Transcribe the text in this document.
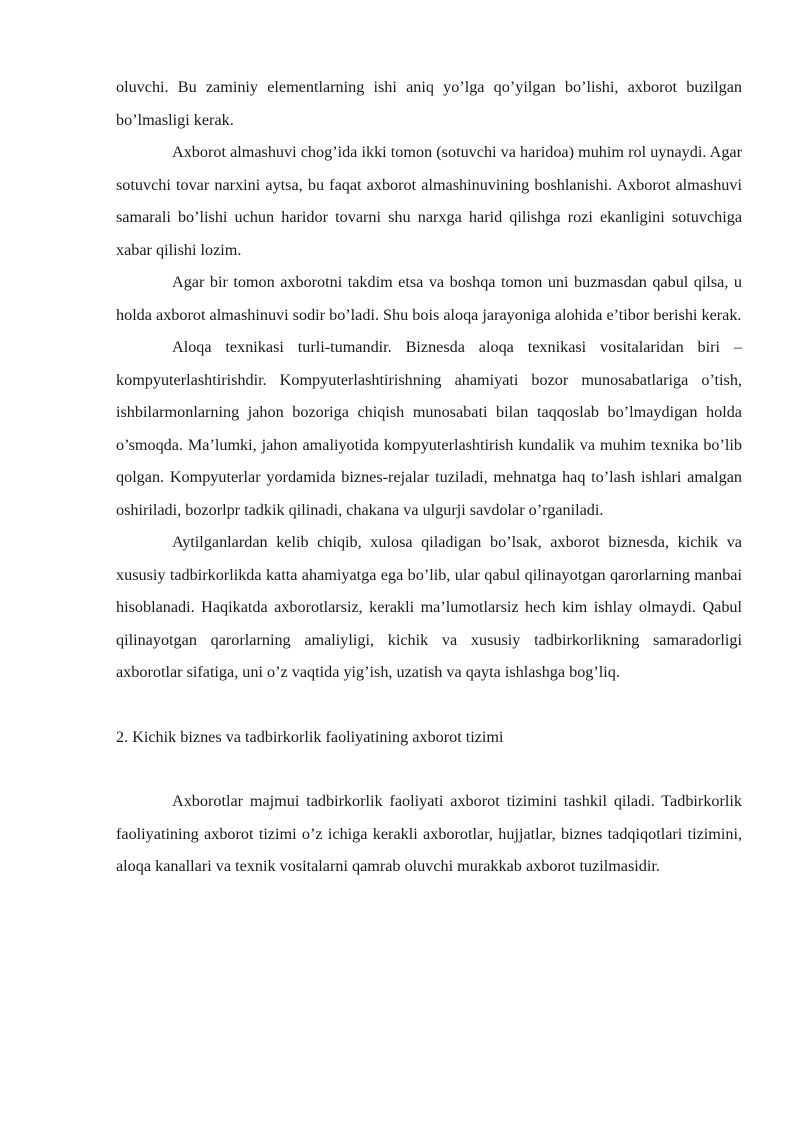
oluvchi. Bu zaminiy elementlarning ishi aniq yo’lga qo’yilgan bo’lishi, axborot buzilgan bo’lmasligi kerak.

Axborot almashuvi chog’ida ikki tomon (sotuvchi va haridoa) muhim rol uynaydi. Agar sotuvchi tovar narxini aytsa, bu faqat axborot almashinuvining boshlanishi. Axborot almashuvi samarali bo’lishi uchun haridor tovarni shu narxga harid qilishga rozi ekanligini sotuvchiga xabar qilishi lozim.

Agar bir tomon axborotni takdim etsa va boshqa tomon uni buzmasdan qabul qilsa, u holda axborot almashinuvi sodir bo’ladi. Shu bois aloqa jarayoniga alohida e’tibor berishi kerak.

Aloqa texnikasi turli-tumandir. Biznesda aloqa texnikasi vositalaridan biri – kompyuterlashtirishdir. Kompyuterlashtirishning ahamiyati bozor munosabatlariga o’tish, ishbilarmonlarning jahon bozoriga chiqish munosabati bilan taqqoslab bo’lmaydigan holda o’smoqda. Ma’lumki, jahon amaliyotida kompyuterlashtirish kundalik va muhim texnika bo’lib qolgan. Kompyuterlar yordamida biznes-rejalar tuziladi, mehnatga haq to’lash ishlari amalgan oshiriladi, bozorlpr tadkik qilinadi, chakana va ulgurji savdolar o’rganiladi.

Aytilganlardan kelib chiqib, xulosa qiladigan bo’lsak, axborot biznesda, kichik va xususiy tadbirkorlikda katta ahamiyatga ega bo’lib, ular qabul qilinayotgan qarorlarning manbai hisoblanadi. Haqikatda axborotlarsiz, kerakli ma’lumotlarsiz hech kim ishlay olmaydi. Qabul qilinayotgan qarorlarning amaliyligi, kichik va xususiy tadbirkorlikning samaradorligi axborotlar sifatiga, uni o’z vaqtida yig’ish, uzatish va qayta ishlashga bog’liq.

2. Kichik biznes va tadbirkorlik faoliyatining axborot tizimi

Axborotlar majmui tadbirkorlik faoliyati axborot tizimini tashkil qiladi. Tadbirkorlik faoliyatining axborot tizimi o’z ichiga kerakli axborotlar, hujjatlar, biznes tadqiqotlari tizimini, aloqa kanallari va texnik vositalarni qamrab oluvchi murakkab axborot tuzilmasidir.
